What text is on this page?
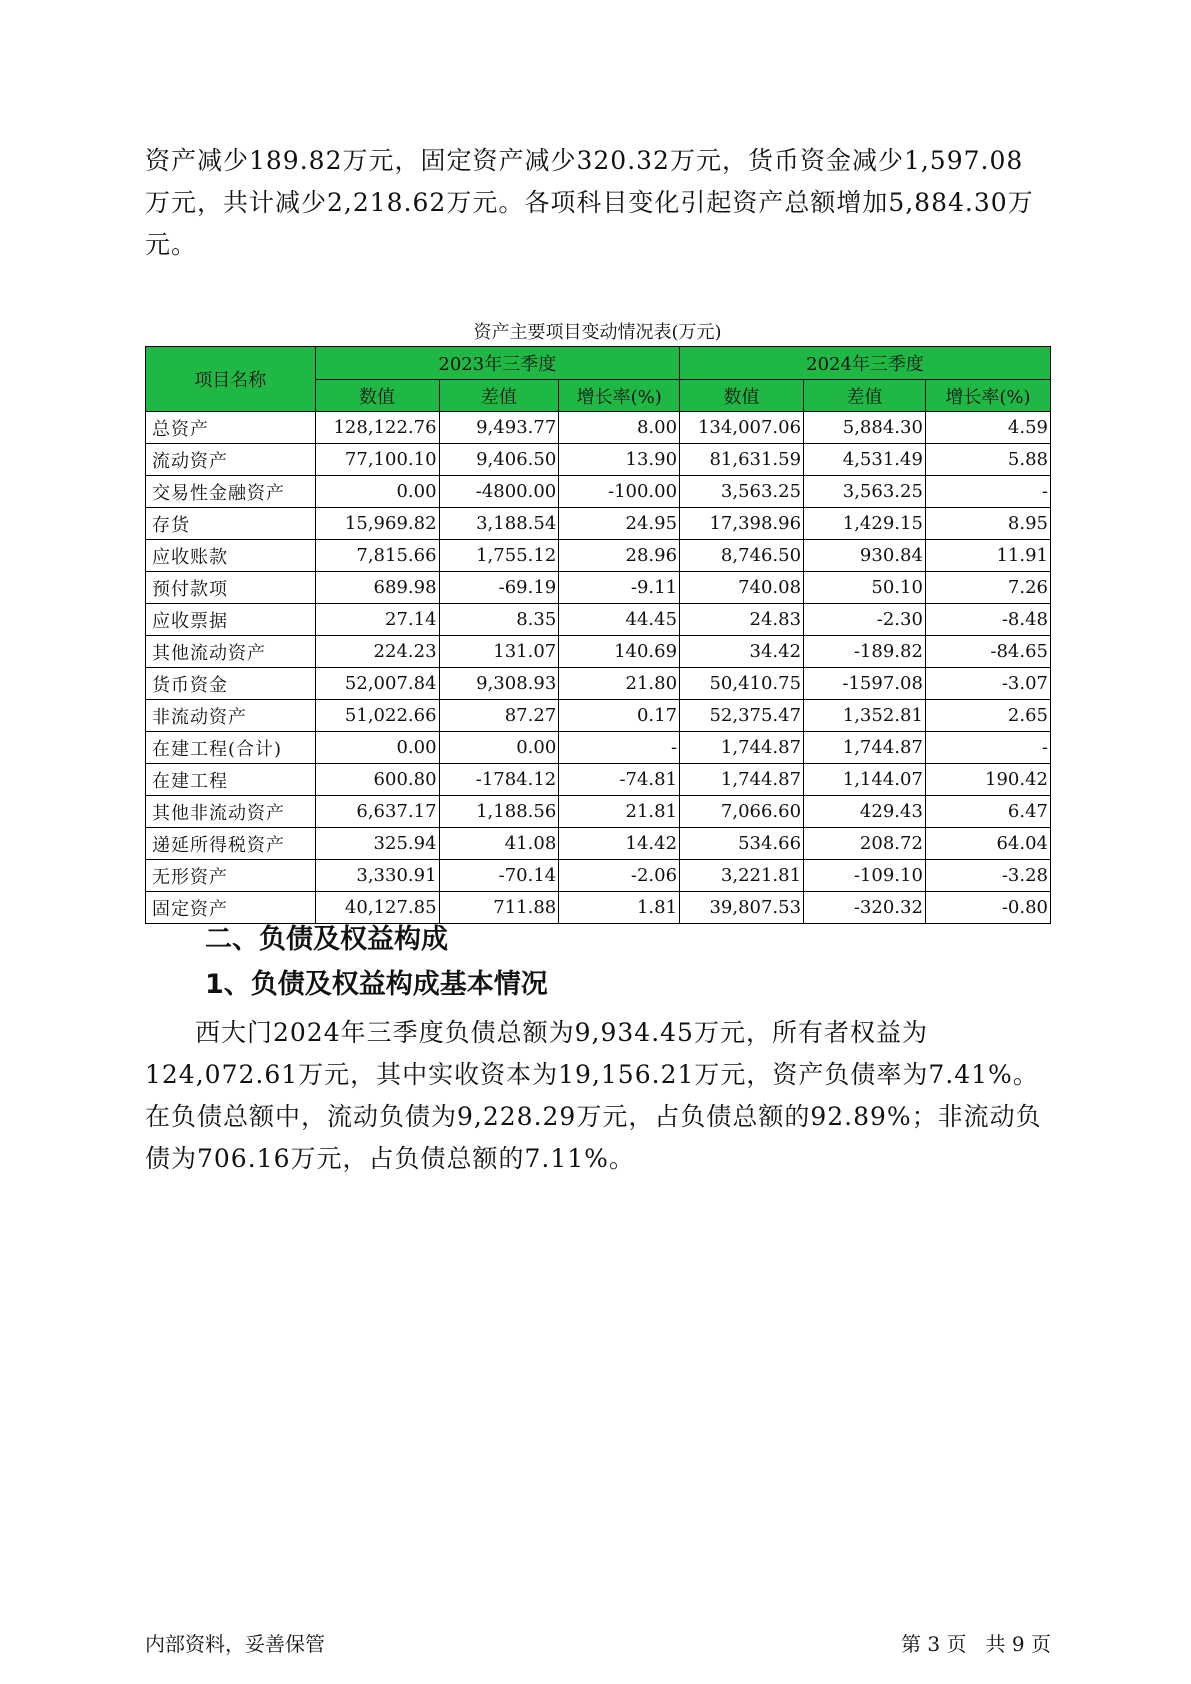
资产减少189.82万元，固定资产减少320.32万元，货币资金减少1,597.08万元，共计减少2,218.62万元。各项科目变化引起资产总额增加5,884.30万元。

资产主要项目变动情况表(万元)
项目名称	2023年三季度			2024年三季度		
	数值	差值	增长率(%)	数值	差值	增长率(%)
总资产	128,122.76	9,493.77	8.00	134,007.06	5,884.30	4.59
流动资产	77,100.10	9,406.50	13.90	81,631.59	4,531.49	5.88
交易性金融资产	0.00	-4800.00	-100.00	3,563.25	3,563.25	-
存货	15,969.82	3,188.54	24.95	17,398.96	1,429.15	8.95
应收账款	7,815.66	1,755.12	28.96	8,746.50	930.84	11.91
预付款项	689.98	-69.19	-9.11	740.08	50.10	7.26
应收票据	27.14	8.35	44.45	24.83	-2.30	-8.48
其他流动资产	224.23	131.07	140.69	34.42	-189.82	-84.65
货币资金	52,007.84	9,308.93	21.80	50,410.75	-1597.08	-3.07
非流动资产	51,022.66	87.27	0.17	52,375.47	1,352.81	2.65
在建工程(合计)	0.00	0.00	-	1,744.87	1,744.87	-
在建工程	600.80	-1784.12	-74.81	1,744.87	1,144.07	190.42
其他非流动资产	6,637.17	1,188.56	21.81	7,066.60	429.43	6.47
递延所得税资产	325.94	41.08	14.42	534.66	208.72	64.04
无形资产	3,330.91	-70.14	-2.06	3,221.81	-109.10	-3.28
固定资产	40,127.85	711.88	1.81	39,807.53	-320.32	-0.80
二、负债及权益构成
1、负债及权益构成基本情况

西大门2024年三季度负债总额为9,934.45万元，所有者权益为124,072.61万元，其中实收资本为19,156.21万元，资产负债率为7.41%。在负债总额中，流动负债为9,228.29万元，占负债总额的92.89%；非流动负债为706.16万元，占负债总额的7.11%。

内部资料，妥善保管	第 3 页   共 9 页
